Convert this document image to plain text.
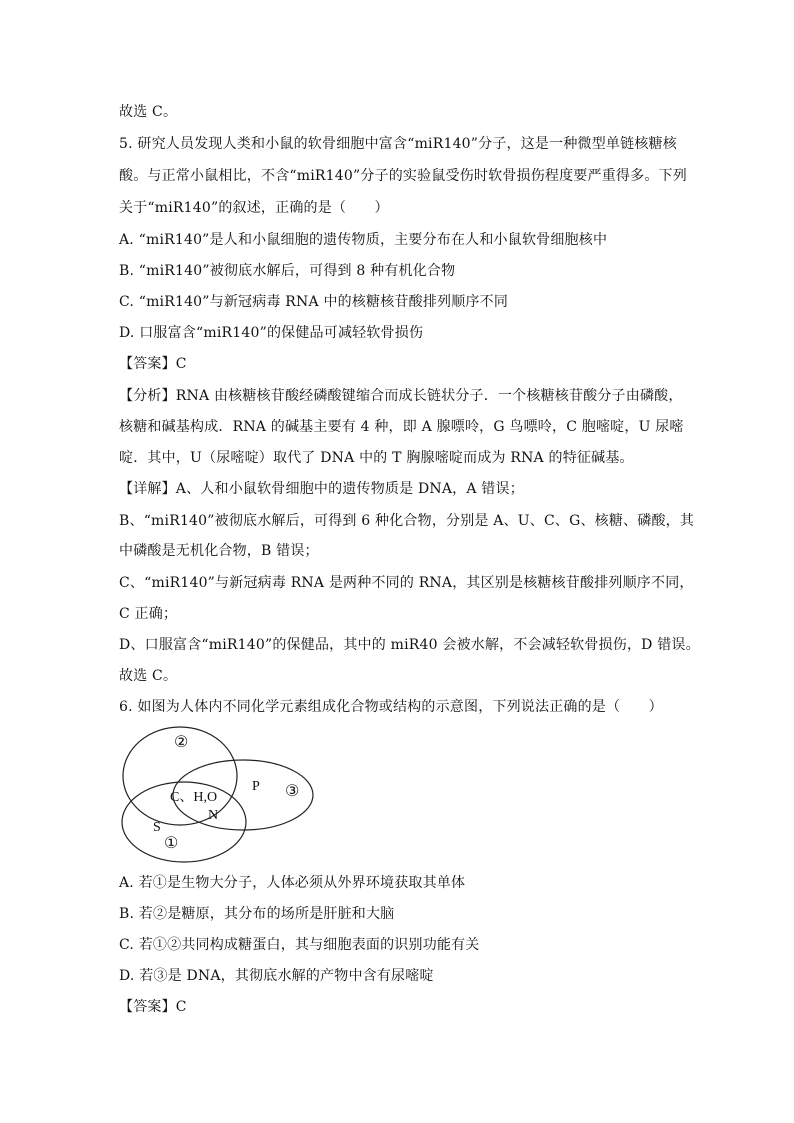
故选 C。
5. 研究人员发现人类和小鼠的软骨细胞中富含“miR140”分子，这是一种微型单链核糖核
酸。与正常小鼠相比，不含“miR140”分子的实验鼠受伤时软骨损伤程度要严重得多。下列
关于“miR140”的叙述，正确的是（　　）
A. “miR140”是人和小鼠细胞的遗传物质，主要分布在人和小鼠软骨细胞核中
B. “miR140”被彻底水解后，可得到 8 种有机化合物
C. “miR140”与新冠病毒 RNA 中的核糖核苷酸排列顺序不同
D. 口服富含“miR140”的保健品可减轻软骨损伤
【答案】C
【分析】RNA 由核糖核苷酸经磷酸键缩合而成长链状分子．一个核糖核苷酸分子由磷酸，
核糖和碱基构成．RNA 的碱基主要有 4 种，即 A 腺嘌呤，G 鸟嘌呤，C 胞嘧啶，U 尿嘧
啶．其中，U（尿嘧啶）取代了 DNA 中的 T 胸腺嘧啶而成为 RNA 的特征碱基。
【详解】A、人和小鼠软骨细胞中的遗传物质是 DNA，A 错误；
B、“miR140”被彻底水解后，可得到 6 种化合物，分别是 A、U、C、G、核糖、磷酸，其
中磷酸是无机化合物，B 错误；
C、“miR140”与新冠病毒 RNA 是两种不同的 RNA，其区别是核糖核苷酸排列顺序不同，
C 正确；
D、口服富含“miR140”的保健品，其中的 miR40 会被水解，不会减轻软骨损伤，D 错误。
故选 C。
6. 如图为人体内不同化学元素组成化合物或结构的示意图，下列说法正确的是（　　）
②
C、H,O
P ③
N
S
①
A. 若①是生物大分子，人体必须从外界环境获取其单体
B. 若②是糖原，其分布的场所是肝脏和大脑
C. 若①②共同构成糖蛋白，其与细胞表面的识别功能有关
D. 若③是 DNA，其彻底水解的产物中含有尿嘧啶
【答案】C
